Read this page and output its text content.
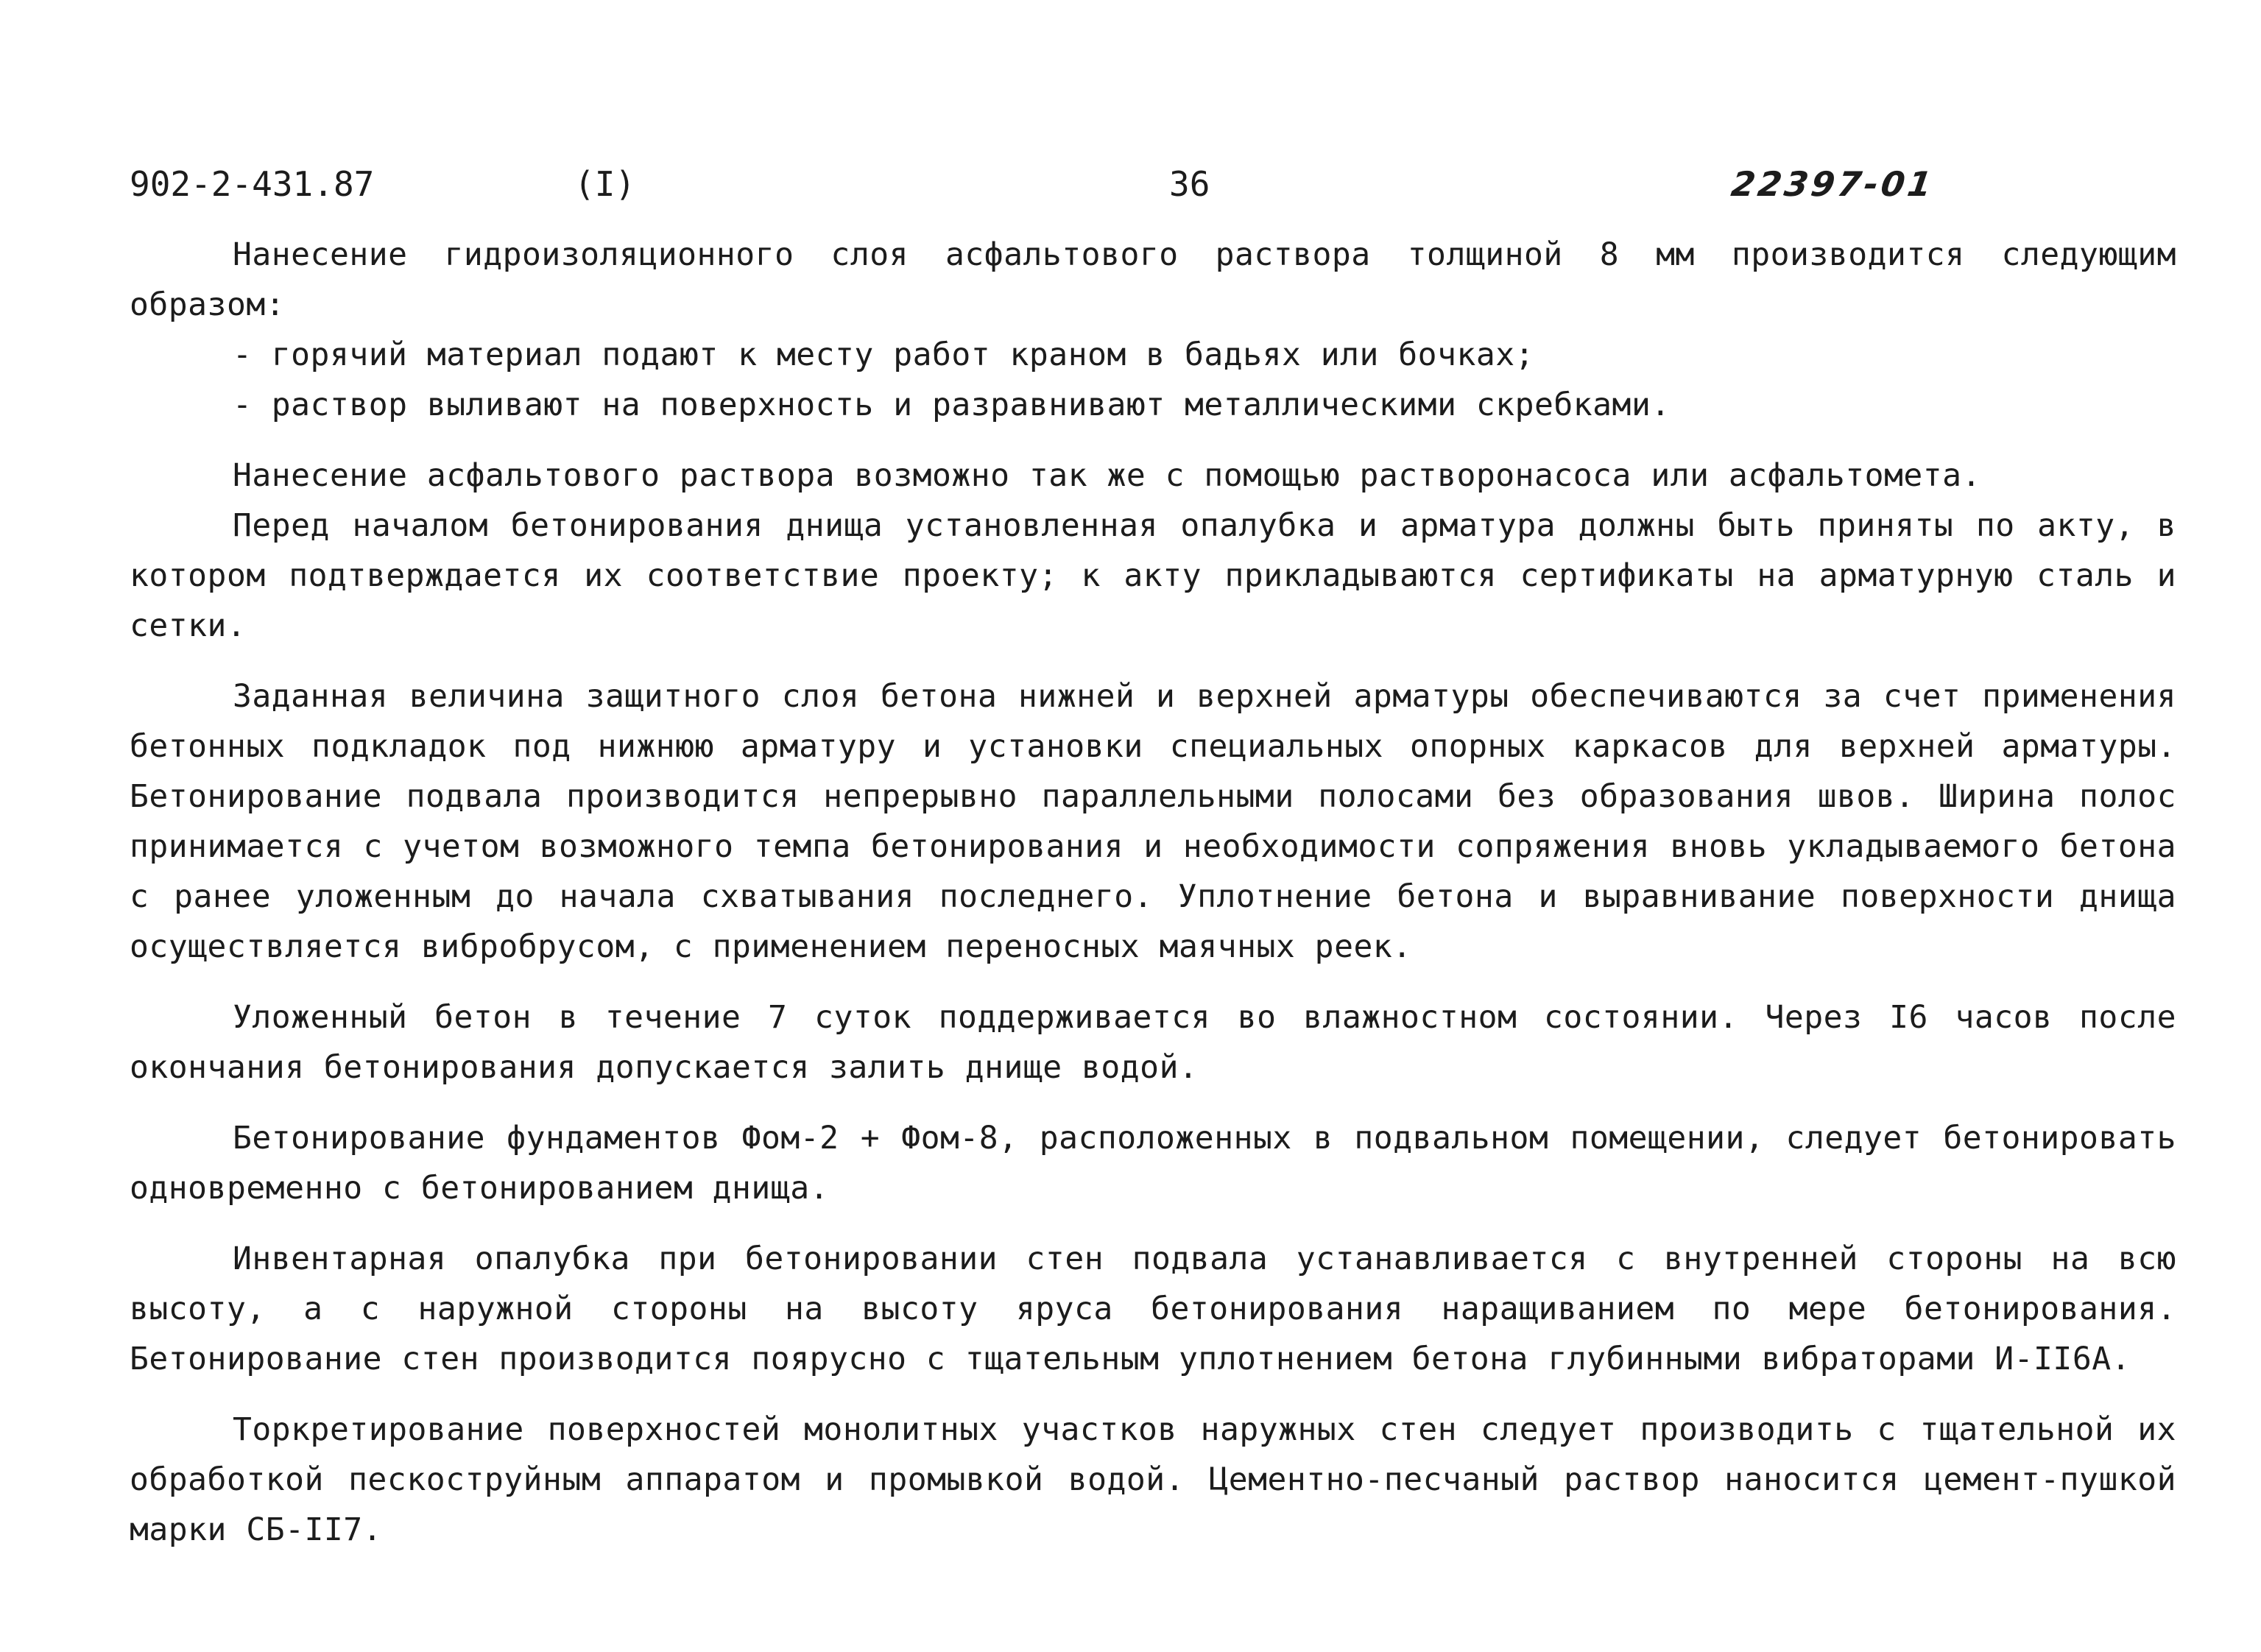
902-2-431.87	(I)	36	22397-01

Нанесение гидроизоляционного слоя асфальтового раствора толщиной 8 мм производится следующим образом:

- горячий материал подают к месту работ краном в бадьях или бочках;

- раствор выливают на поверхность и разравнивают металлическими скребками.

Нанесение асфальтового раствора возможно так же с помощью растворонасоса или асфальтомета.

Перед началом бетонирования днища установленная опалубка и арматура должны быть приняты по акту, в котором подтверждается их соответствие проекту; к акту прикладываются сертификаты на арматурную сталь и сетки.

Заданная величина защитного слоя бетона нижней и верхней арматуры обеспечиваются за счет применения бетонных подкладок под нижнюю арматуру и установки специальных опорных каркасов для верхней арматуры. Бетонирование подвала производится непрерывно параллельными полосами без образования швов. Ширина полос принимается с учетом возможного темпа бетонирования и необходимости сопряжения вновь укладываемого бетона с ранее уложенным до начала схватывания последнего. Уплотнение бетона и выравнивание поверхности днища осуществляется вибробрусом, с применением переносных маячных реек.

Уложенный бетон в течение 7 суток поддерживается во влажностном состоянии. Через I6 часов после окончания бетонирования допускается залить днище водой.

Бетонирование фундаментов Фом-2 + Фом-8, расположенных в подвальном помещении, следует бетонировать одновременно с бетонированием днища.

Инвентарная опалубка при бетонировании стен подвала устанавливается с внутренней стороны на всю высоту, а с наружной стороны на высоту яруса бетонирования наращиванием по мере бетонирования. Бетонирование стен производится поярусно с тщательным уплотнением бетона глубинными вибраторами И-II6А.

Торкретирование поверхностей монолитных участков наружных стен следует производить с тщательной их обработкой пескоструйным аппаратом и промывкой водой. Цементно-песчаный раствор наносится цемент-пушкой марки СБ-II7.
